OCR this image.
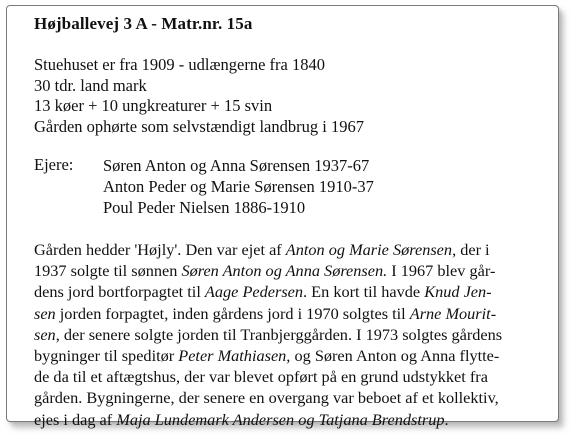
Højballevej 3 A - Matr.nr. 15a
Stuehuset er fra 1909 - udlængerne fra 1840
30 tdr. land mark
13 køer + 10 ungkreaturer + 15 svin
Gården ophørte som selvstændigt landbrug i 1967
Ejere: Søren Anton og Anna Sørensen 1937-67
Anton Peder og Marie Sørensen 1910-37
Poul Peder Nielsen 1886-1910
Gården hedder 'Højly'. Den var ejet af Anton og Marie Sørensen, der i
1937 solgte til sønnen Søren Anton og Anna Sørensen. I 1967 blev går-
dens jord bortforpagtet til Aage Pedersen. En kort til havde Knud Jen-
sen jorden forpagtet, inden gårdens jord i 1970 solgtes til Arne Mourit-
sen, der senere solgte jorden til Tranbjerggården. I 1973 solgtes gårdens
bygninger til speditør Peter Mathiasen, og Søren Anton og Anna flytte-
de da til et aftægtshus, der var blevet opført på en grund udstykket fra
gården. Bygningerne, der senere en overgang var beboet af et kollektiv,
ejes i dag af Maja Lundemark Andersen og Tatjana Brendstrup.
